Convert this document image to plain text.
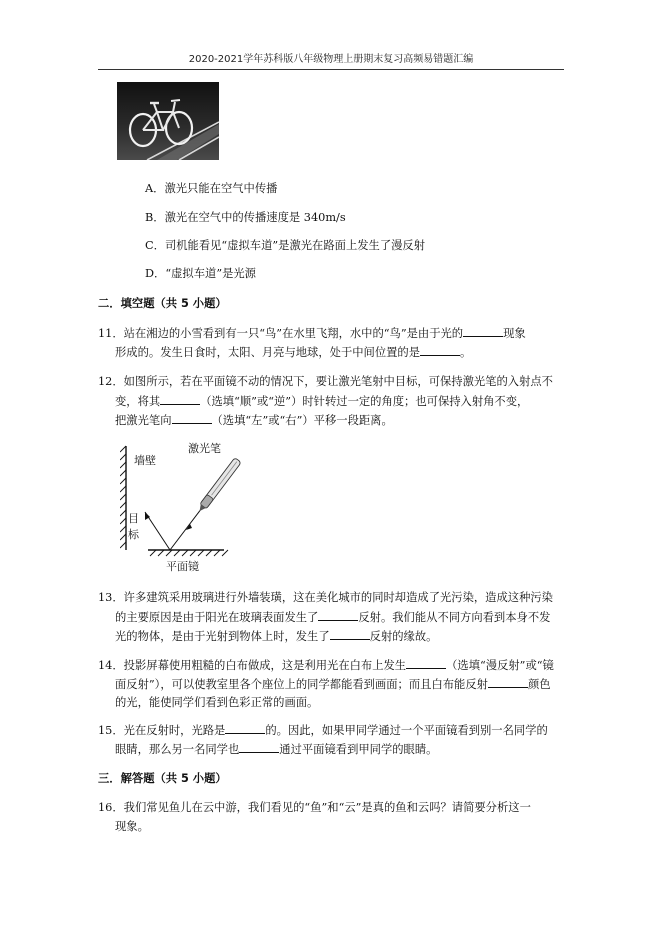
2020-2021学年苏科版八年级物理上册期末复习高频易错题汇编
A．激光只能在空气中传播
B．激光在空气中的传播速度是 340m/s
C．司机能看见“虚拟车道”是激光在路面上发生了漫反射
D．“虚拟车道”是光源
二．填空题（共 5 小题）
11．站在湘边的小雪看到有一只“鸟”在水里飞翔，水中的“鸟”是由于光的	现象
形成的。发生日食时，太阳、月亮与地球，处于中间位置的是	。
12．如图所示，若在平面镜不动的情况下，要让激光笔射中目标，可保持激光笔的入射点不
变，将其	（选填“顺”或“逆”）时针转过一定的角度；也可保持入射角不变，
把激光笔向	（选填“左”或“右”）平移一段距离。
墙壁
激光笔
目
标
平面镜
13．许多建筑采用玻璃进行外墙装璜，这在美化城市的同时却造成了光污染，造成这种污染
的主要原因是由于阳光在玻璃表面发生了	反射。我们能从不同方向看到本身不发
光的物体，是由于光射到物体上时，发生了	反射的缘故。
14．投影屏幕使用粗糙的白布做成，这是利用光在白布上发生	（选填“漫反射”或“镜
面反射”），可以使教室里各个座位上的同学都能看到画面；而且白布能反射	颜色
的光，能使同学们看到色彩正常的画面。
15．光在反射时，光路是	的。因此，如果甲同学通过一个平面镜看到别一名同学的
眼睛，那么另一名同学也	通过平面镜看到甲同学的眼睛。
三．解答题（共 5 小题）
16．我们常见鱼儿在云中游，我们看见的“鱼”和“云”是真的鱼和云吗？请简要分析这一
现象。
